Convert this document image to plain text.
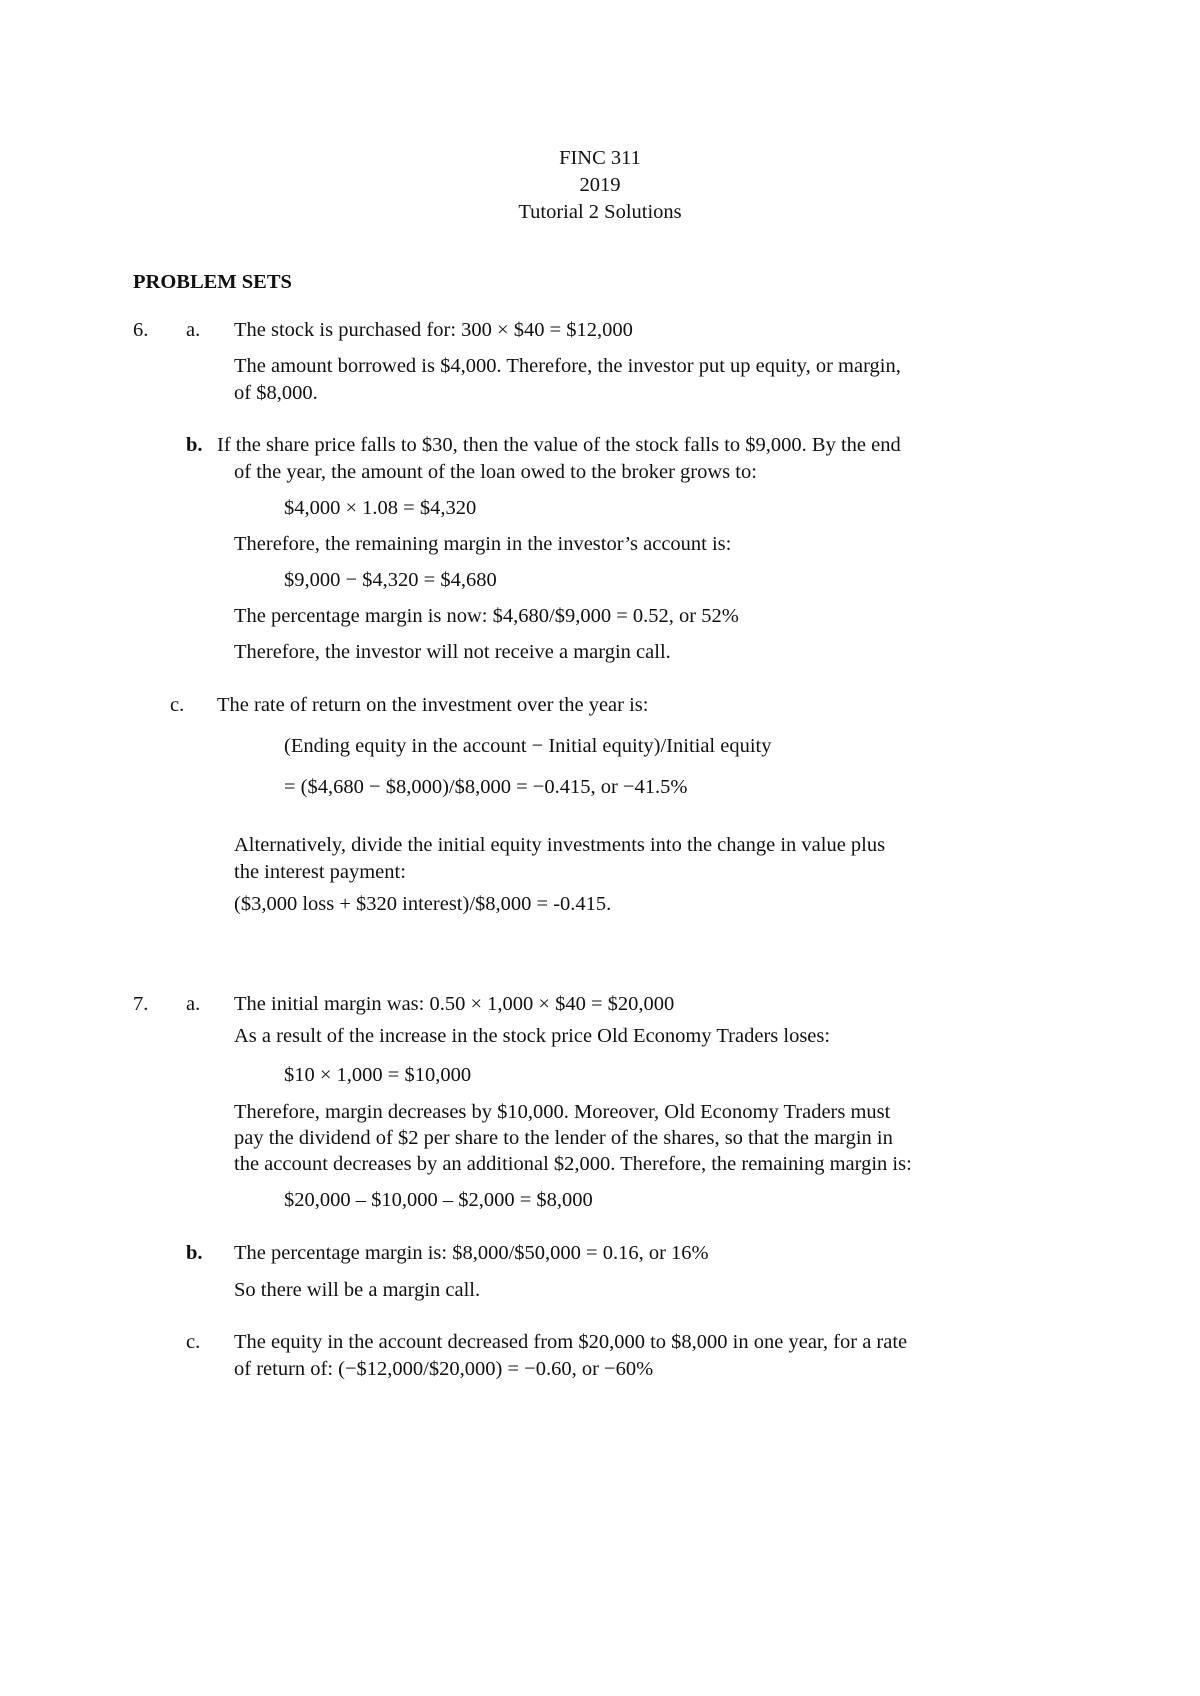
FINC 311
2019
Tutorial 2 Solutions
PROBLEM SETS
6. a. The stock is purchased for: 300 × $40 = $12,000
The amount borrowed is $4,000. Therefore, the investor put up equity, or margin,
of $8,000.
b. If the share price falls to $30, then the value of the stock falls to $9,000. By the end
of the year, the amount of the loan owed to the broker grows to:
$4,000 × 1.08 = $4,320
Therefore, the remaining margin in the investor’s account is:
$9,000 − $4,320 = $4,680
The percentage margin is now: $4,680/$9,000 = 0.52, or 52%
Therefore, the investor will not receive a margin call.
c. The rate of return on the investment over the year is:
(Ending equity in the account − Initial equity)/Initial equity
= ($4,680 − $8,000)/$8,000 = −0.415, or −41.5%
Alternatively, divide the initial equity investments into the change in value plus
the interest payment:
($3,000 loss + $320 interest)/$8,000 = -0.415.
7. a. The initial margin was: 0.50 × 1,000 × $40 = $20,000
As a result of the increase in the stock price Old Economy Traders loses:
$10 × 1,000 = $10,000
Therefore, margin decreases by $10,000. Moreover, Old Economy Traders must
pay the dividend of $2 per share to the lender of the shares, so that the margin in
the account decreases by an additional $2,000. Therefore, the remaining margin is:
$20,000 – $10,000 – $2,000 = $8,000
b. The percentage margin is: $8,000/$50,000 = 0.16, or 16%
So there will be a margin call.
c. The equity in the account decreased from $20,000 to $8,000 in one year, for a rate
of return of: (−$12,000/$20,000) = −0.60, or −60%
